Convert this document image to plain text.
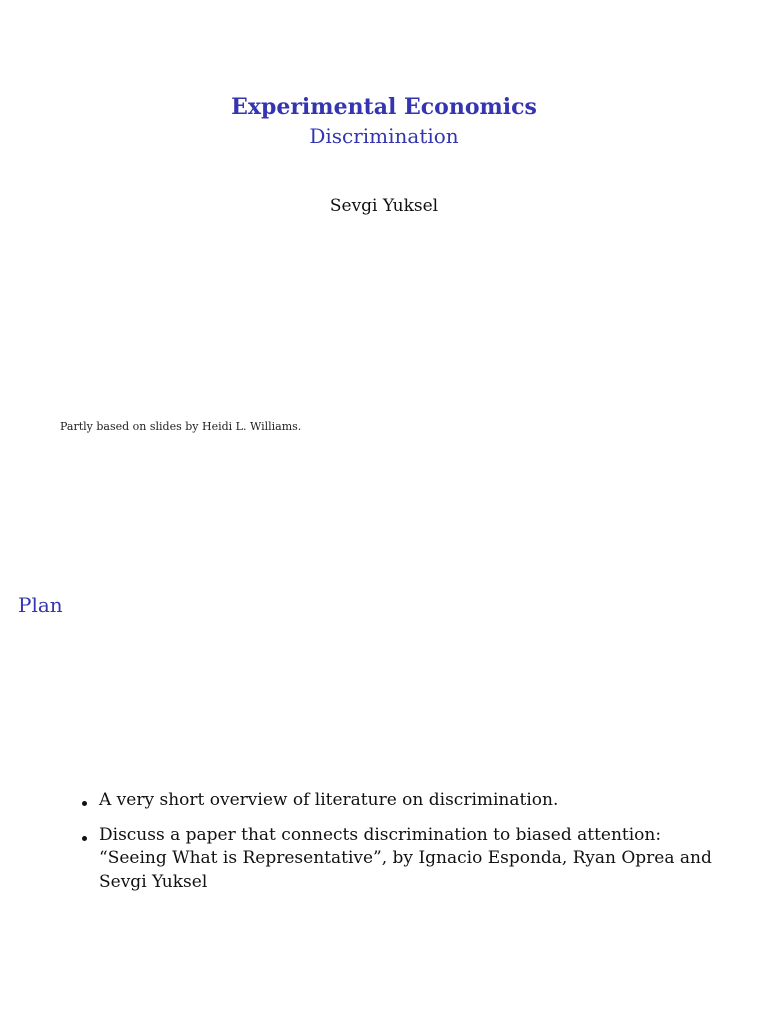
Experimental Economics
Discrimination
Sevgi Yuksel
Partly based on slides by Heidi L. Williams.
Plan
A very short overview of literature on discrimination.
Discuss a paper that connects discrimination to biased attention: “Seeing What is Representative”, by Ignacio Esponda, Ryan Oprea and Sevgi Yuksel
